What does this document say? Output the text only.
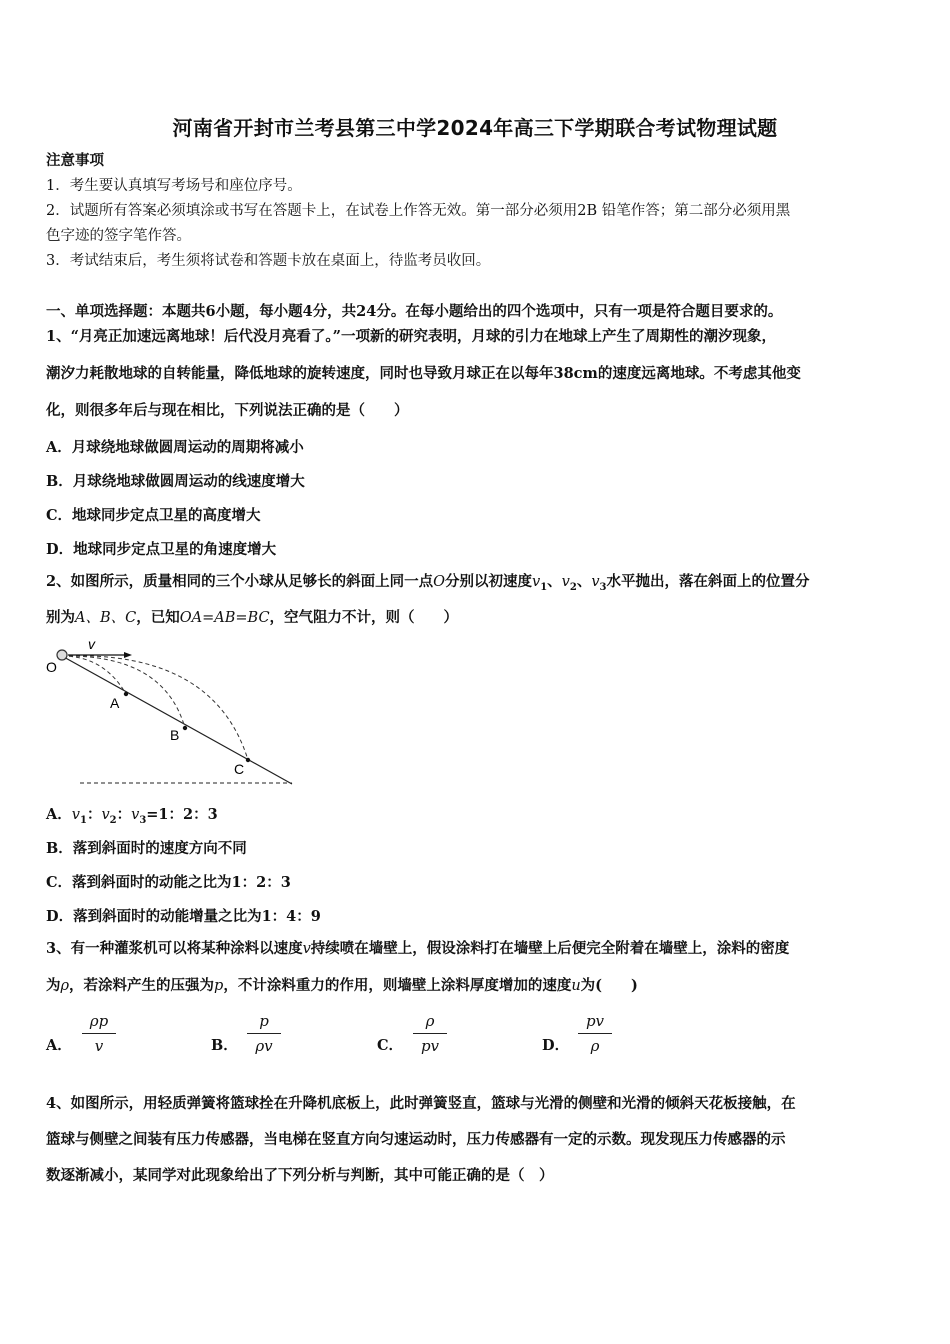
河南省开封市兰考县第三中学2024年高三下学期联合考试物理试题
注意事项
1．考生要认真填写考场号和座位序号。
2．试题所有答案必须填涂或书写在答题卡上，在试卷上作答无效。第一部分必须用2B 铅笔作答；第二部分必须用黑
色字迹的签字笔作答。
3．考试结束后，考生须将试卷和答题卡放在桌面上，待监考员收回。
一、单项选择题：本题共6小题，每小题4分，共24分。在每小题给出的四个选项中，只有一项是符合题目要求的。
1、“月亮正加速远离地球！后代没月亮看了。”一项新的研究表明，月球的引力在地球上产生了周期性的潮汐现象，
潮汐力耗散地球的自转能量，降低地球的旋转速度，同时也导致月球正在以每年38cm的速度远离地球。不考虑其他变
化，则很多年后与现在相比，下列说法正确的是（　　）
A．月球绕地球做圆周运动的周期将减小
B．月球绕地球做圆周运动的线速度增大
C．地球同步定点卫星的高度增大
D．地球同步定点卫星的角速度增大
2、如图所示，质量相同的三个小球从足够长的斜面上同一点O分别以初速度$v_1$、$v_2$、$v_3$水平抛出，落在斜面上的位置分
别为A、B、C，已知OA=AB=BC，空气阻力不计，则（　　）
v
O
A
B
C
A．$v_1$：$v_2$：$v_3=1$：2：3
B．落到斜面时的速度方向不同
C．落到斜面时的动能之比为1：2：3
D．落到斜面时的动能增量之比为1：4：9
3、有一种灌浆机可以将某种涂料以速度v持续喷在墙壁上，假设涂料打在墙壁上后便完全附着在墙壁上，涂料的密度
为ρ，若涂料产生的压强为p，不计涂料重力的作用，则墙壁上涂料厚度增加的速度u为(　　)
A．
ρp
v	B．
p
ρv	C．
ρ
pv	D．
pv
ρ
4、如图所示，用轻质弹簧将篮球拴在升降机底板上，此时弹簧竖直，篮球与光滑的侧壁和光滑的倾斜天花板接触，在
篮球与侧壁之间装有压力传感器，当电梯在竖直方向匀速运动时，压力传感器有一定的示数。现发现压力传感器的示
数逐渐减小，某同学对此现象给出了下列分析与判断，其中可能正确的是（　）
